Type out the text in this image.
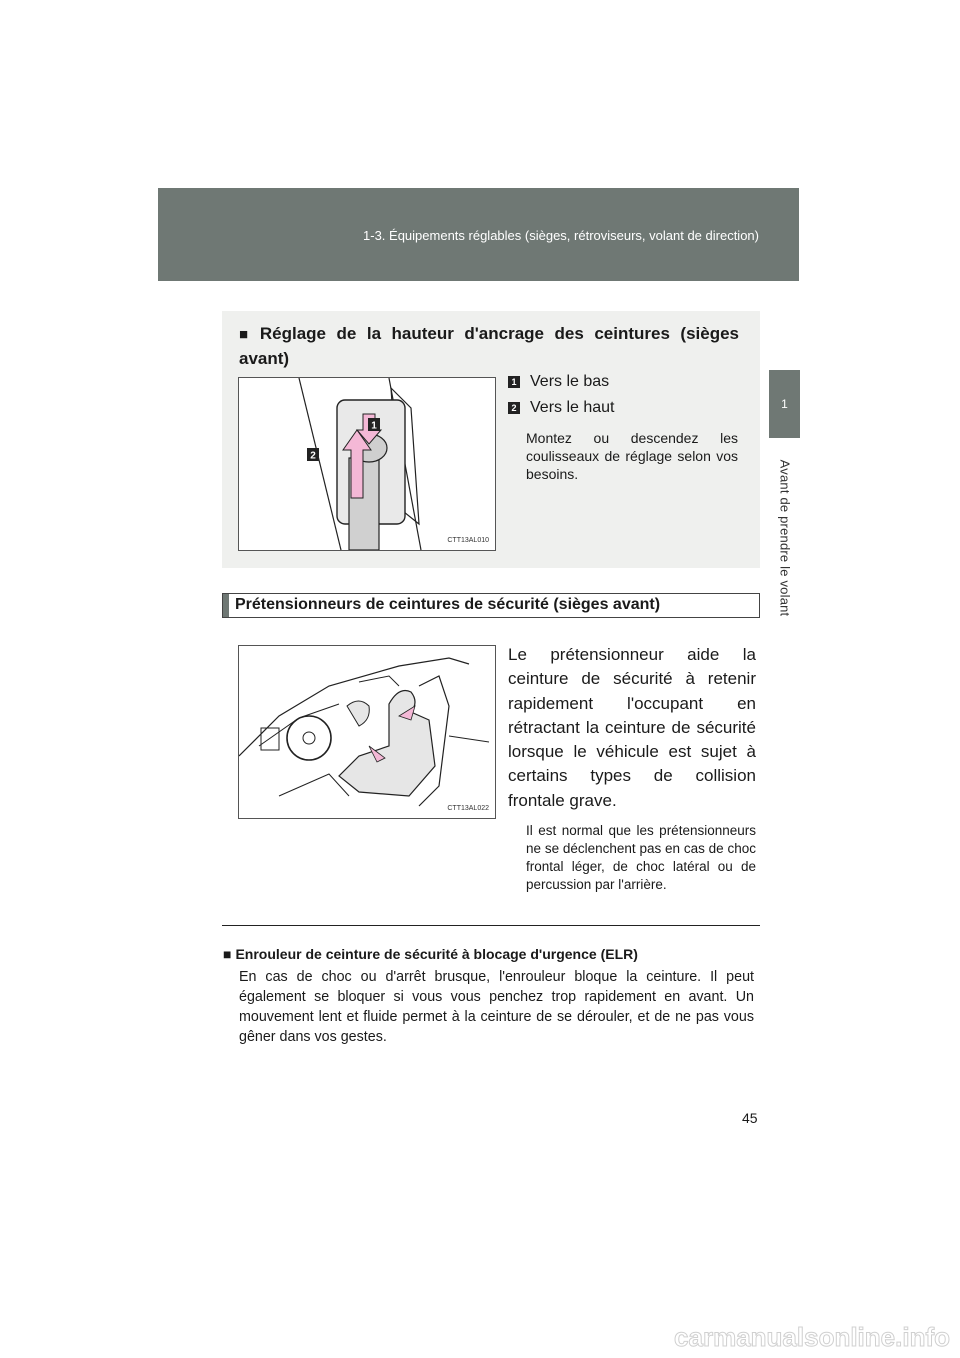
1-3. Équipements réglables (sièges, rétroviseurs, volant de direction)
1
Avant de prendre le volant
■ Réglage de la hauteur d'ancrage des ceintures (sièges avant)
1
2
CTT13AL010
1 Vers le bas
2 Vers le haut
Montez ou descendez les coulisseaux de réglage selon vos besoins.
Prétensionneurs de ceintures de sécurité (sièges avant)
CTT13AL022
Le prétensionneur aide la ceinture de sécurité à retenir rapidement l'occupant en rétractant la ceinture de sécurité lorsque le véhicule est sujet à certains types de collision frontale grave.
Il est normal que les prétensionneurs ne se déclenchent pas en cas de choc frontal léger, de choc latéral ou de percussion par l'arrière.
■ Enrouleur de ceinture de sécurité à blocage d'urgence (ELR)
En cas de choc ou d'arrêt brusque, l'enrouleur bloque la ceinture. Il peut également se bloquer si vous vous penchez trop rapidement en avant. Un mouvement lent et fluide permet à la ceinture de se dérouler, et de ne pas vous gêner dans vos gestes.
45
carmanualsonline.info
